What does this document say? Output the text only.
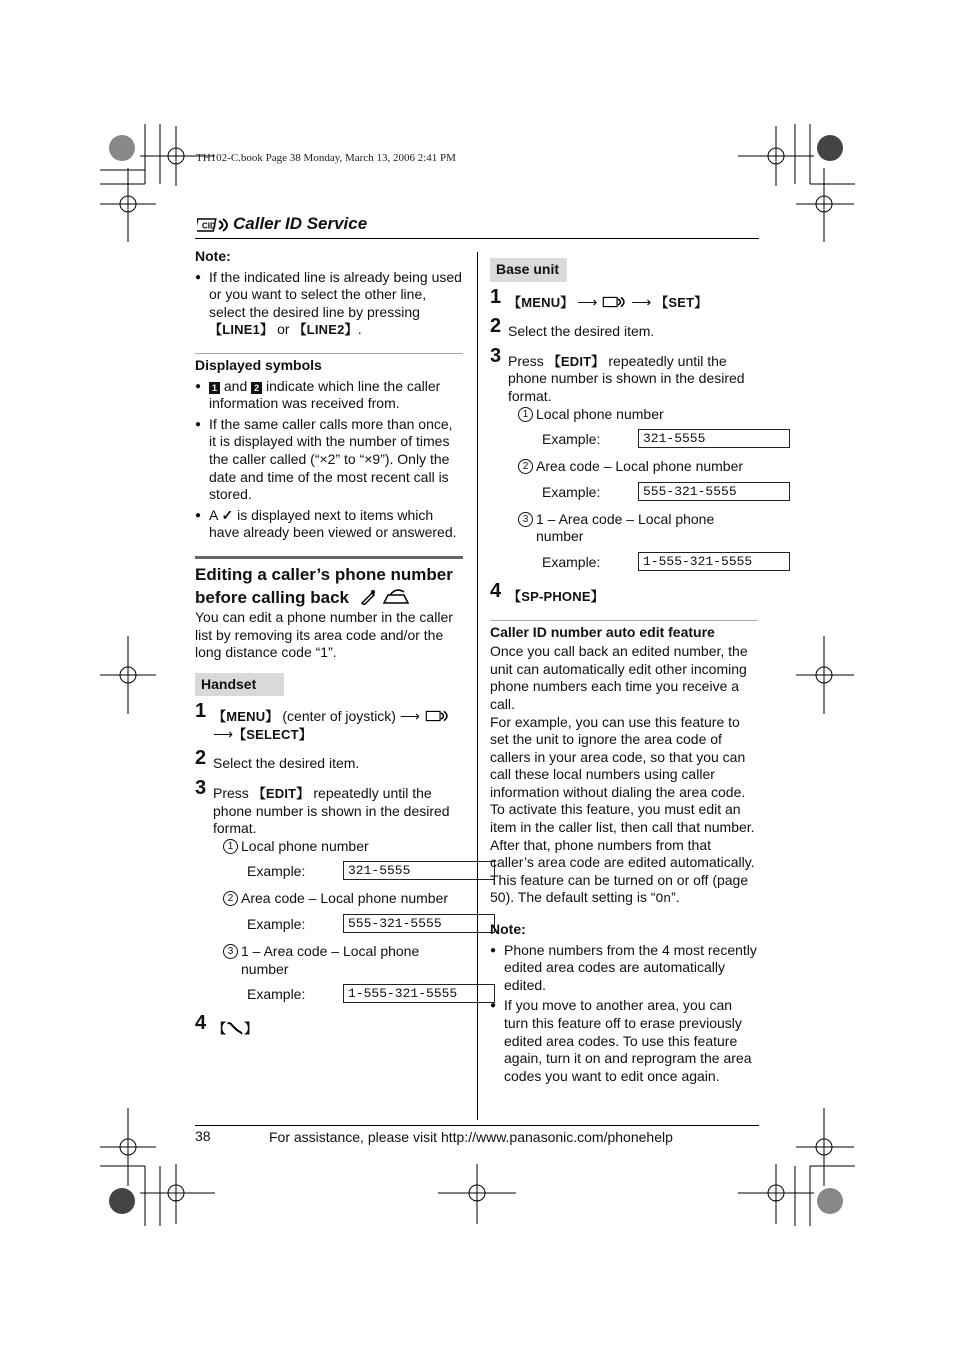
TH102-C.book Page 38 Monday, March 13, 2006 2:41 PM
CID Caller ID Service

Note:

● If the indicated line is already being used or you want to select the other line, select the desired line by pressing 【LINE1】 or 【LINE2】.

Displayed symbols

● 1 and 2 indicate which line the caller information was received from.

● If the same caller calls more than once, it is displayed with the number of times the caller called (“×2” to “×9”). Only the date and time of the most recent call is stored.

● A ✓ is displayed next to items which have already been viewed or answered.

Editing a caller’s phone number
before calling back

You can edit a phone number in the caller list by removing its area code and/or the long distance code “1”.

Handset
1 【MENU】 (center of joystick) ⟶
⟶【SELECT】
2 Select the desired item.
3 Press 【EDIT】 repeatedly until the phone number is shown in the desired format.
1 Local phone number
Example:	321-5555
2 Area code – Local phone number
Example:	555-321-5555
3 1 – Area code – Local phone number
Example:	1-555-321-5555
4 【 】
Base unit
1 【MENU】 ⟶ ⟶ 【SET】
2 Select the desired item.
3 Press 【EDIT】 repeatedly until the phone number is shown in the desired format.
1 Local phone number
Example:	321-5555
2 Area code – Local phone number
Example:	555-321-5555
3 1 – Area code – Local phone number
Example:	1-555-321-5555
4 【SP-PHONE】

Caller ID number auto edit feature

Once you call back an edited number, the unit can automatically edit other incoming phone numbers each time you receive a call.

For example, you can use this feature to set the unit to ignore the area code of callers in your area code, so that you can call these local numbers using caller information without dialing the area code. To activate this feature, you must edit an item in the caller list, then call that number. After that, phone numbers from that caller’s area code are edited automatically. This feature can be turned on or off (page 50). The default setting is “On”.

Note:

● Phone numbers from the 4 most recently edited area codes are automatically edited.

● If you move to another area, you can turn this feature off to erase previously edited area codes. To use this feature again, turn it on and reprogram the area codes you want to edit once again.

38	For assistance, please visit http://www.panasonic.com/phonehelp
